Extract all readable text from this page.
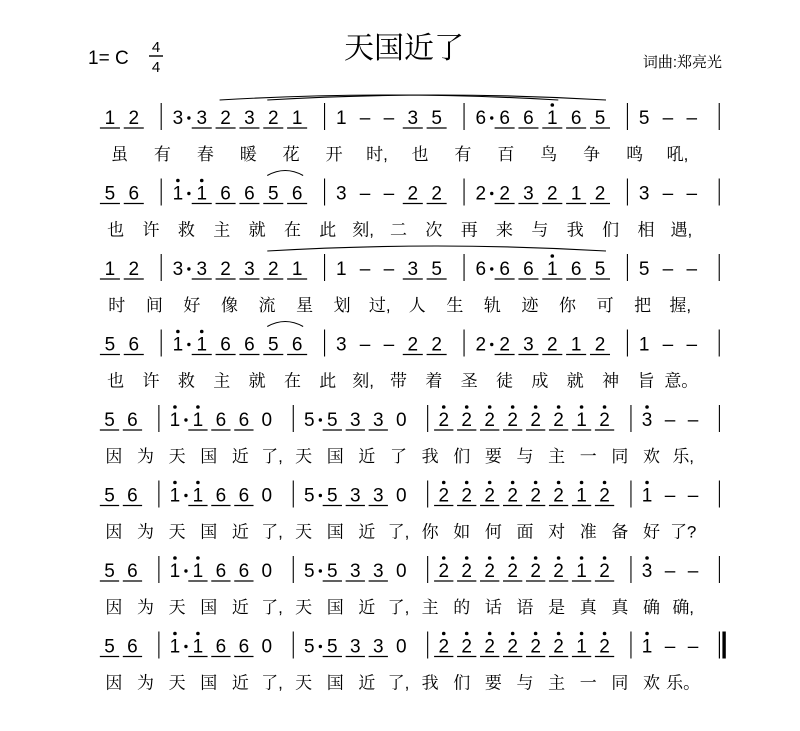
1= C
4
4
天国近了	词曲:郑亮光
1 2 3 3 2 3 2 1 1 – – 3 5 6 6 6 1 6 5 5 – –
虽 有 春 暖 花 开 时, 也 有 百 鸟 争 鸣 吼,
5 6 1 1 6 6 5 6 3 – – 2 2 2 2 3 2 1 2 3 – –
也 许 救 主 就 在 此 刻, 二 次 再 来 与 我 们 相 遇,
1 2 3 3 2 3 2 1 1 – – 3 5 6 6 6 1 6 5 5 – –
时 间 好 像 流 星 划 过, 人 生 轨 迹 你 可 把 握,
5 6 1 1 6 6 5 6 3 – – 2 2 2 2 3 2 1 2 1 – –
也 许 救 主 就 在 此 刻, 带 着 圣 徒 成 就 神 旨 意。
5 6 1 1 6 6 0 5 5 3 3 0 2 2 2 2 2 2 1 2 3 – –
因 为 天 国 近 了, 天 国 近 了 我 们 要 与 主 一 同 欢 乐,
5 6 1 1 6 6 0 5 5 3 3 0 2 2 2 2 2 2 1 2 1 – –
因 为 天 国 近 了, 天 国 近 了, 你 如 何 面 对 准 备 好 了?
5 6 1 1 6 6 0 5 5 3 3 0 2 2 2 2 2 2 1 2 3 – –
因 为 天 国 近 了, 天 国 近 了, 主 的 话 语 是 真 真 确 确,
5 6 1 1 6 6 0 5 5 3 3 0 2 2 2 2 2 2 1 2 1 – –
因 为 天 国 近 了, 天 国 近 了, 我 们 要 与 主 一 同 欢 乐。
